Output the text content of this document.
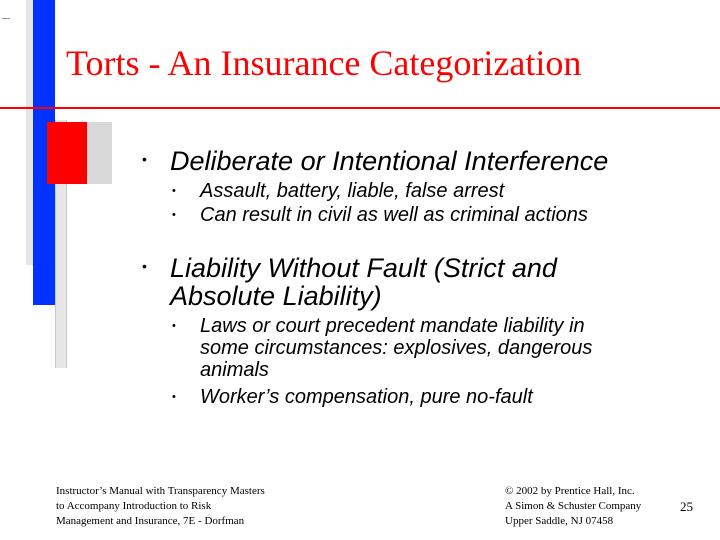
Torts - An Insurance Categorization
• Deliberate or Intentional Interference
• Assault, battery, liable, false arrest
• Can result in civil as well as criminal actions
• Liability Without Fault (Strict and
Absolute Liability)
• Laws or court precedent mandate liability in
some circumstances: explosives, dangerous
animals
• Worker’s compensation, pure no-fault
Instructor’s Manual with Transparency Masters
to Accompany Introduction to Risk
Management and Insurance, 7E - Dorfman
© 2002 by Prentice Hall, Inc.
A Simon & Schuster Company
Upper Saddle, NJ 07458
25
